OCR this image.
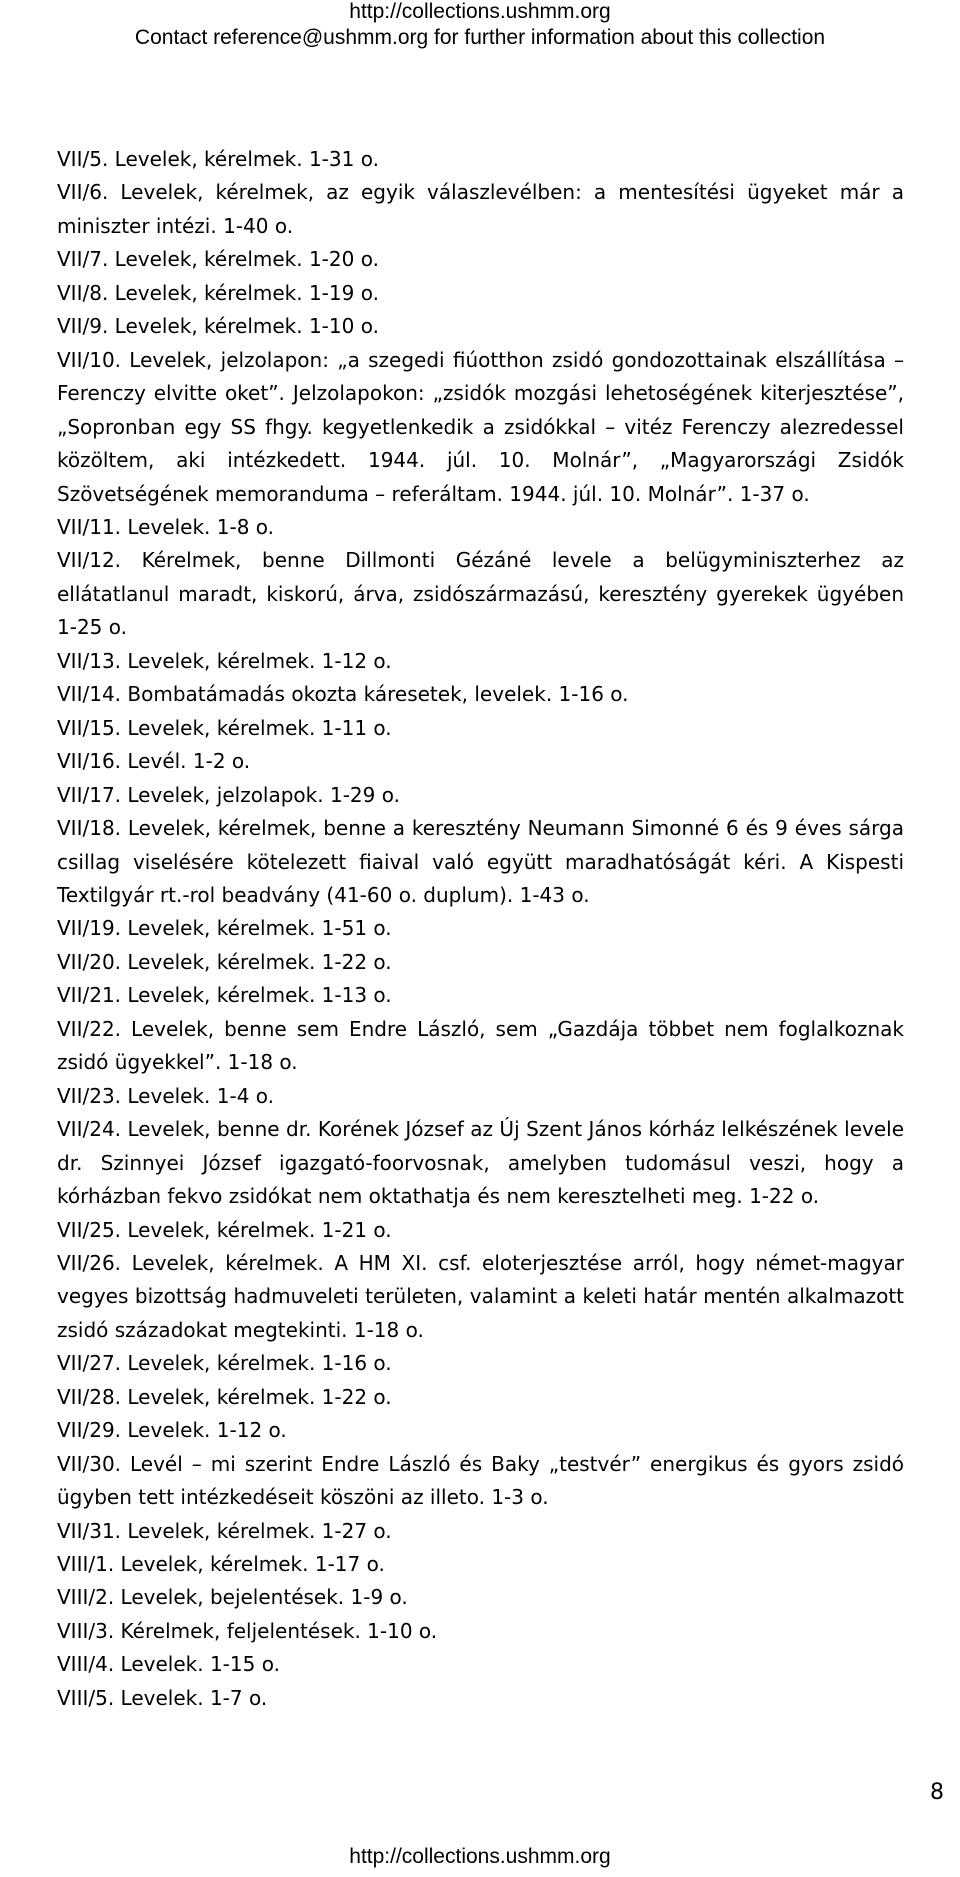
http://collections.ushmm.org
Contact reference@ushmm.org for further information about this collection

VII/5. Levelek, kérelmek. 1-31 o.

VII/6. Levelek, kérelmek, az egyik válaszlevélben: a mentesítési ügyeket már a miniszter intézi. 1-40 o.

VII/7. Levelek, kérelmek. 1-20 o.

VII/8. Levelek, kérelmek. 1-19 o.

VII/9. Levelek, kérelmek. 1-10 o.

VII/10. Levelek, jelzolapon: „a szegedi fiúotthon zsidó gondozottainak elszállítása – Ferenczy elvitte oket”. Jelzolapokon: „zsidók mozgási lehetoségének kiterjesztése”, „Sopronban egy SS fhgy. kegyetlenkedik a zsidókkal – vitéz Ferenczy alezredessel közöltem, aki intézkedett. 1944. júl. 10. Molnár”, „Magyarországi Zsidók Szövetségének memoranduma – referáltam. 1944. júl. 10. Molnár”. 1-37 o.

VII/11. Levelek. 1-8 o.

VII/12. Kérelmek, benne Dillmonti Gézáné levele a belügyminiszterhez az ellátatlanul maradt, kiskorú, árva, zsidószármazású, keresztény gyerekek ügyében 1-25 o.

VII/13. Levelek, kérelmek. 1-12 o.

VII/14. Bombatámadás okozta káresetek, levelek. 1-16 o.

VII/15. Levelek, kérelmek. 1-11 o.

VII/16. Levél. 1-2 o.

VII/17. Levelek, jelzolapok. 1-29 o.

VII/18. Levelek, kérelmek, benne a keresztény Neumann Simonné 6 és 9 éves sárga csillag viselésére kötelezett fiaival való együtt maradhatóságát kéri. A Kispesti Textilgyár rt.-rol beadvány (41-60 o. duplum). 1-43 o.

VII/19. Levelek, kérelmek. 1-51 o.

VII/20. Levelek, kérelmek. 1-22 o.

VII/21. Levelek, kérelmek. 1-13 o.

VII/22. Levelek, benne sem Endre László, sem „Gazdája többet nem foglalkoznak zsidó ügyekkel”. 1-18 o.

VII/23. Levelek. 1-4 o.

VII/24. Levelek, benne dr. Korének József az Új Szent János kórház lelkészének levele dr. Szinnyei József igazgató-foorvosnak, amelyben tudomásul veszi, hogy a kórházban fekvo zsidókat nem oktathatja és nem keresztelheti meg. 1-22 o.

VII/25. Levelek, kérelmek. 1-21 o.

VII/26. Levelek, kérelmek. A HM XI. csf. eloterjesztése arról, hogy német-magyar vegyes bizottság hadmuveleti területen, valamint a keleti határ mentén alkalmazott zsidó századokat megtekinti. 1-18 o.

VII/27. Levelek, kérelmek. 1-16 o.

VII/28. Levelek, kérelmek. 1-22 o.

VII/29. Levelek. 1-12 o.

VII/30. Levél – mi szerint Endre László és Baky „testvér” energikus és gyors zsidó ügyben tett intézkedéseit köszöni az illeto. 1-3 o.

VII/31. Levelek, kérelmek. 1-27 o.

VIII/1. Levelek, kérelmek. 1-17 o.

VIII/2. Levelek, bejelentések. 1-9 o.

VIII/3. Kérelmek, feljelentések. 1-10 o.

VIII/4. Levelek. 1-15 o.

VIII/5. Levelek. 1-7 o.

8
http://collections.ushmm.org
